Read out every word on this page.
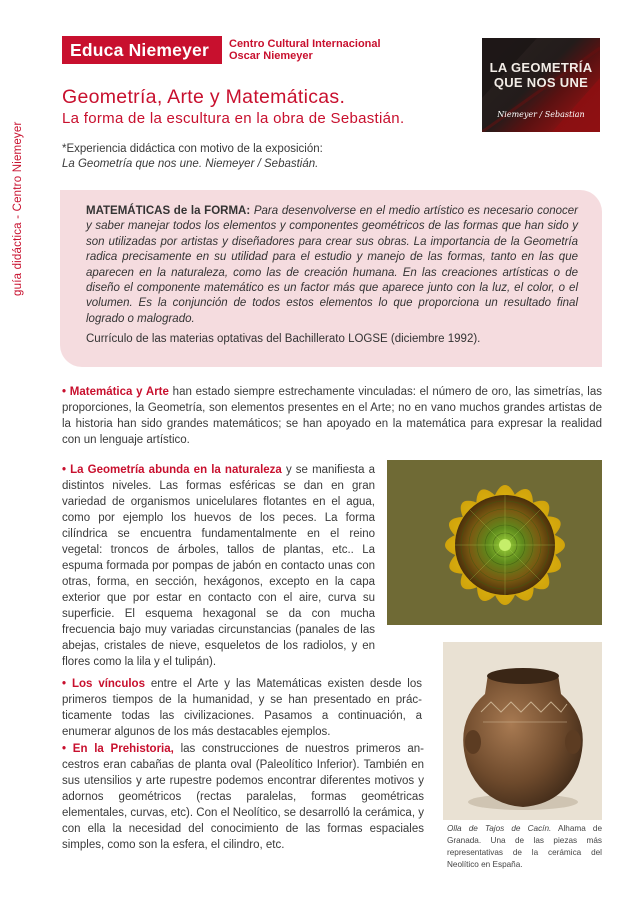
guía didáctica - Centro Niemeyer
Educa Niemeyer	Centro Cultural Internacional
Oscar Niemeyer
LA GEOMETRÍA
QUE NOS UNE
Niemeyer / Sebastian
Geometría, Arte y Matemáticas.
La forma de la escultura en la obra de Sebastián.
*Experiencia didáctica con motivo de la exposición:
La Geometría que nos une. Niemeyer / Sebastián.

MATEMÁTICAS de la FORMA: Para desenvolverse en el medio artístico es necesario conocer y saber manejar todos los elementos y componentes geométricos de las formas que han sido y son utilizadas por artistas y diseñadores para crear sus obras. La importancia de la Geometría radica precisamente en su utilidad para el estudio y manejo de las formas, tanto en las que aparecen en la naturaleza, como las de creación humana. En las creaciones artísticas o de diseño el componente matemático es un factor más que aparece junto con la luz, el color, o el volumen. Es la conjunción de todos estos elementos lo que proporciona un resultado final logrado o malogrado.

Currículo de las materias optativas del Bachillerato LOGSE (diciembre 1992).

• Matemática y Arte han estado siempre estrechamente vinculadas: el número de oro, las simetrías, las proporciones, la Geometría, son elementos presentes en el Arte; no en vano muchos grandes artistas de la historia han sido grandes matemáticos; se han apoyado en la matemática para expresar la realidad con un lenguaje artístico.
• La Geometría abunda en la naturaleza y se manifiesta a distintos niveles. Las formas esféricas se dan en gran variedad de organismos unicelulares flotantes en el agua, como por ejemplo los huevos de los peces. La forma cilíndrica se encuentra fundamentalmente en el reino vegetal: troncos de árboles, tallos de plantas, etc.. La espuma formada por pompas de jabón en contacto unas con otras, forma, en sección, hexágonos, excepto en la capa exterior que por estar en contacto con el aire, curva su superficie. El esquema hexagonal se da con mucha frecuencia bajo muy variadas circunstancias (panales de las abejas, cristales de nieve, esqueletos de los radiolos, y en flores como la lila y el tulipán).
• Los vínculos entre el Arte y las Matemáticas existen desde los primeros tiempos de la humanidad, y se han presentado en prácticamente todas las civilizaciones. Pasamos a continuación, a enumerar algunos de los más destacables ejemplos.
• En la Prehistoria, las construcciones de nuestros primeros ancestros eran cabañas de planta oval (Paleolítico Inferior). También en sus utensilios y arte rupestre podemos encontrar diferentes motivos y adornos geométricos (rectas paralelas, formas geométricas elementales, curvas, etc). Con el Neolítico, se desarrolló la cerámica, y con ella la necesidad del conocimiento de las formas espaciales simples, como son la esfera, el cilindro, etc.
Olla de Tajos de Cacín. Alhama de Granada. Una de las piezas más representativas de la cerámica del Neolítico en España.
